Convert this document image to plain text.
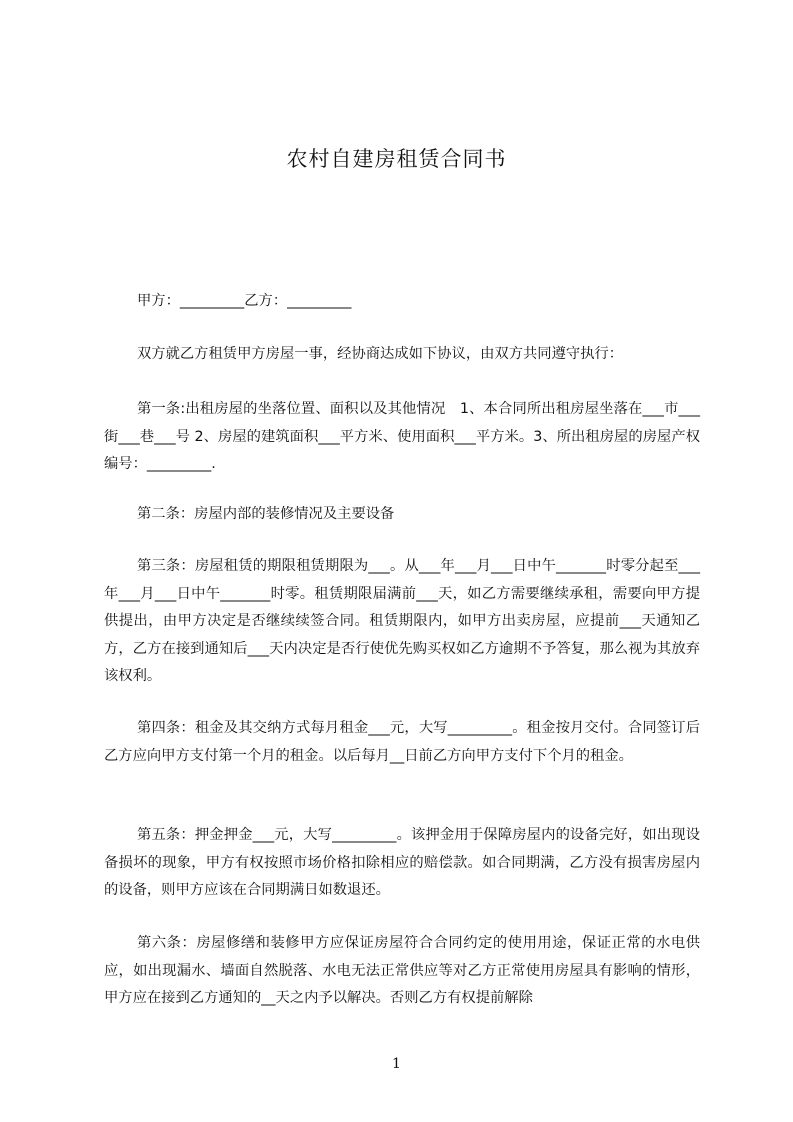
农村自建房租赁合同书

甲方：_________乙方：_________

双方就乙方租赁甲方房屋一事，经协商达成如下协议，由双方共同遵守执行：

第一条:出租房屋的坐落位置、面积以及其他情况　1、本合同所出租房屋坐落在___市___街___巷___号 2、房屋的建筑面积___平方米、使用面积___平方米。3、所出租房屋的房屋产权编号：_________.

第二条：房屋内部的装修情况及主要设备

第三条：房屋租赁的期限租赁期限为___。从___年___月___日中午_______时零分起至___年___月___日中午_______时零。租赁期限届满前___天，如乙方需要继续承租，需要向甲方提供提出，由甲方决定是否继续续签合同。租赁期限内，如甲方出卖房屋，应提前___天通知乙方，乙方在接到通知后___天内决定是否行使优先购买权如乙方逾期不予答复，那么视为其放弃该权利。

第四条：租金及其交纳方式每月租金___元，大写_________。租金按月交付。合同签订后乙方应向甲方支付第一个月的租金。以后每月__日前乙方向甲方支付下个月的租金。

第五条：押金押金___元，大写_________。该押金用于保障房屋内的设备完好，如出现设备损坏的现象，甲方有权按照市场价格扣除相应的赔偿款。如合同期满，乙方没有损害房屋内的设备，则甲方应该在合同期满日如数退还。

第六条：房屋修缮和装修甲方应保证房屋符合合同约定的使用用途，保证正常的水电供应，如出现漏水、墙面自然脱落、水电无法正常供应等对乙方正常使用房屋具有影响的情形，甲方应在接到乙方通知的__天之内予以解决。否则乙方有权提前解除

1
